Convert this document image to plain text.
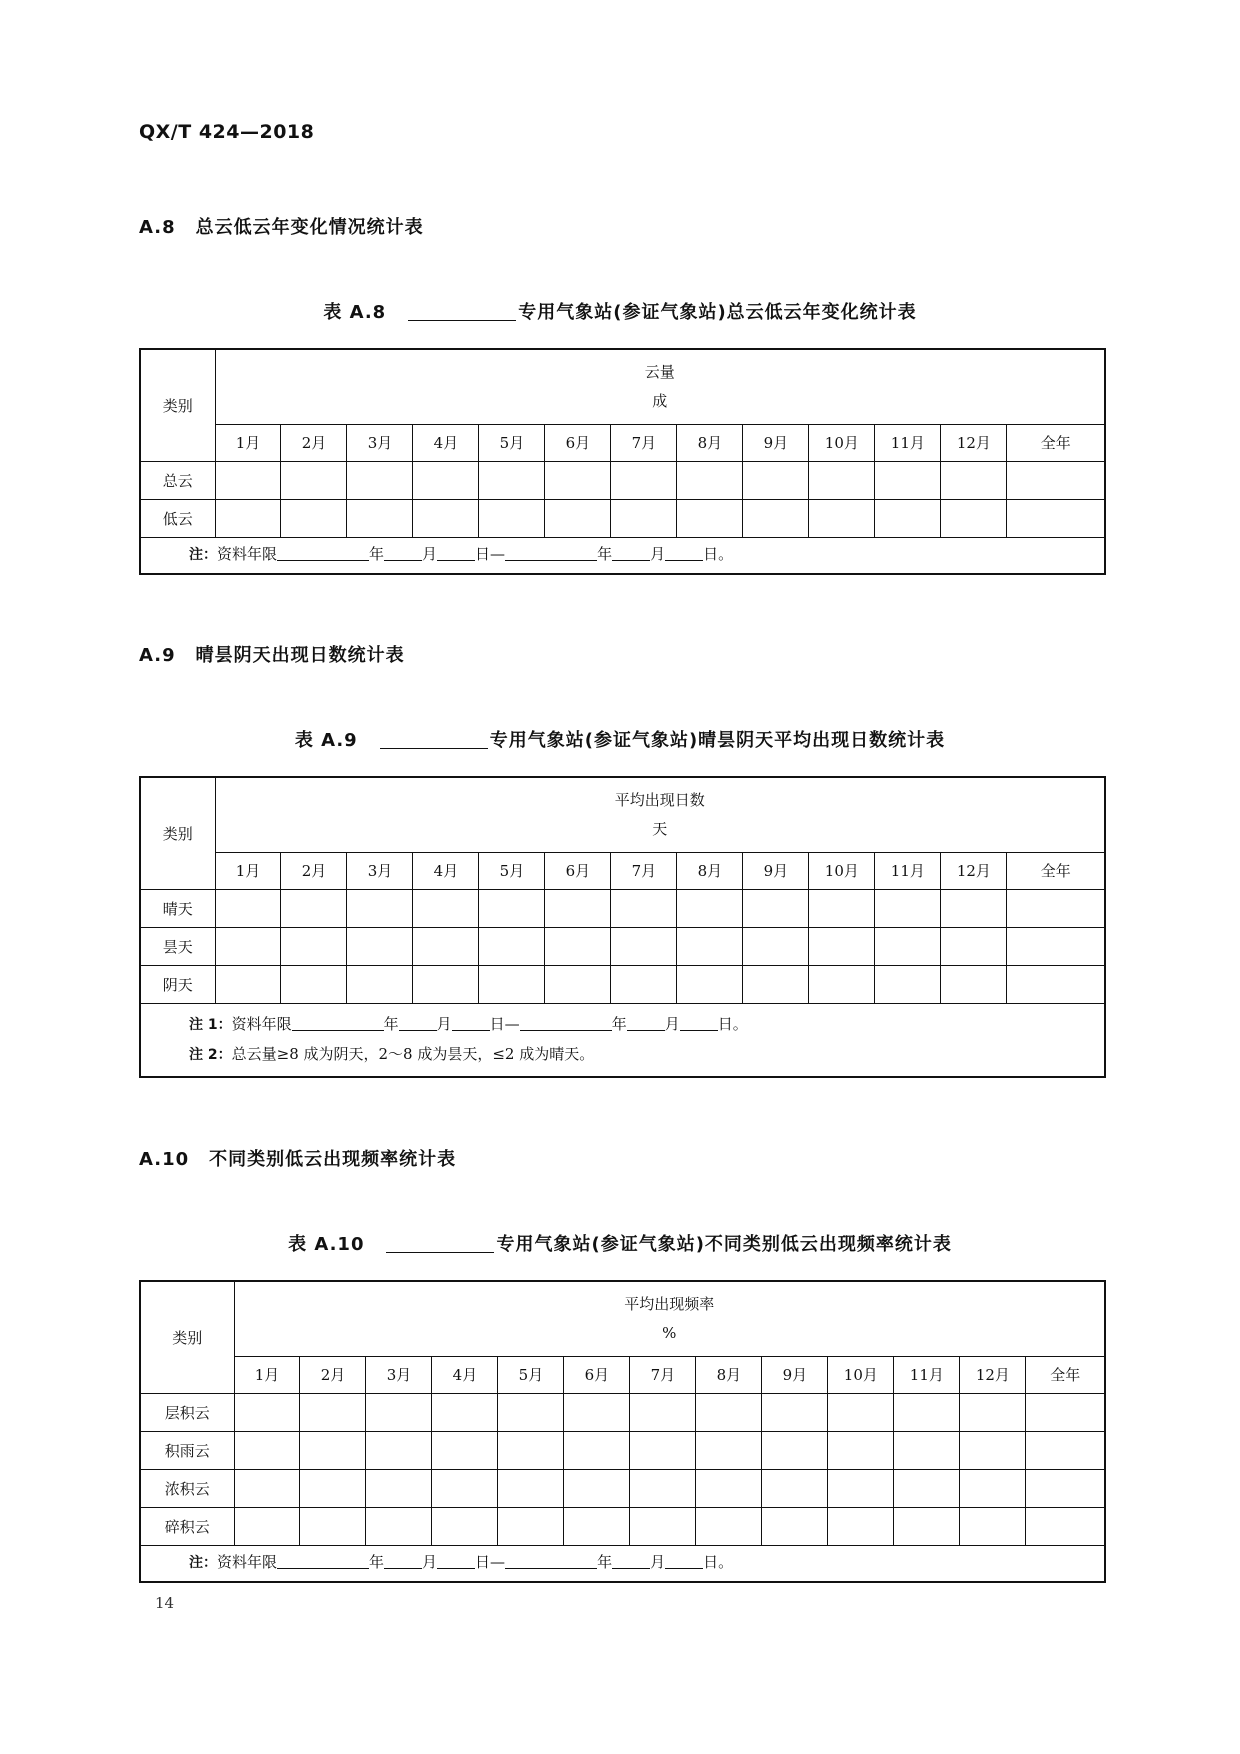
QX/T 424—2018
A.8 总云低云年变化情况统计表
表 A.8	专用气象站(参证气象站)总云低云年变化统计表
类别	云量
成												

	1月	2月	3月	4月	5月	6月	7月	8月	9月	10月	11月	12月	全年
总云													
低云													
注：资料年限 年 月 日— 年 月 日。													
A.9 晴昙阴天出现日数统计表
表 A.9	专用气象站(参证气象站)晴昙阴天平均出现日数统计表
类别	平均出现日数
天												

	1月	2月	3月	4月	5月	6月	7月	8月	9月	10月	11月	12月	全年
晴天													
昙天													
阴天													

注 1：资料年限 年 月 日— 年 月 日。
注 2：总云量≥8 成为阴天，2～8 成为昙天，≤2 成为晴天。													
A.10 不同类别低云出现频率统计表
表 A.10	专用气象站(参证气象站)不同类别低云出现频率统计表
类别	平均出现频率
%												

	1月	2月	3月	4月	5月	6月	7月	8月	9月	10月	11月	12月	全年
层积云													
积雨云													
浓积云													
碎积云													
注：资料年限 年 月 日— 年 月 日。													
14
